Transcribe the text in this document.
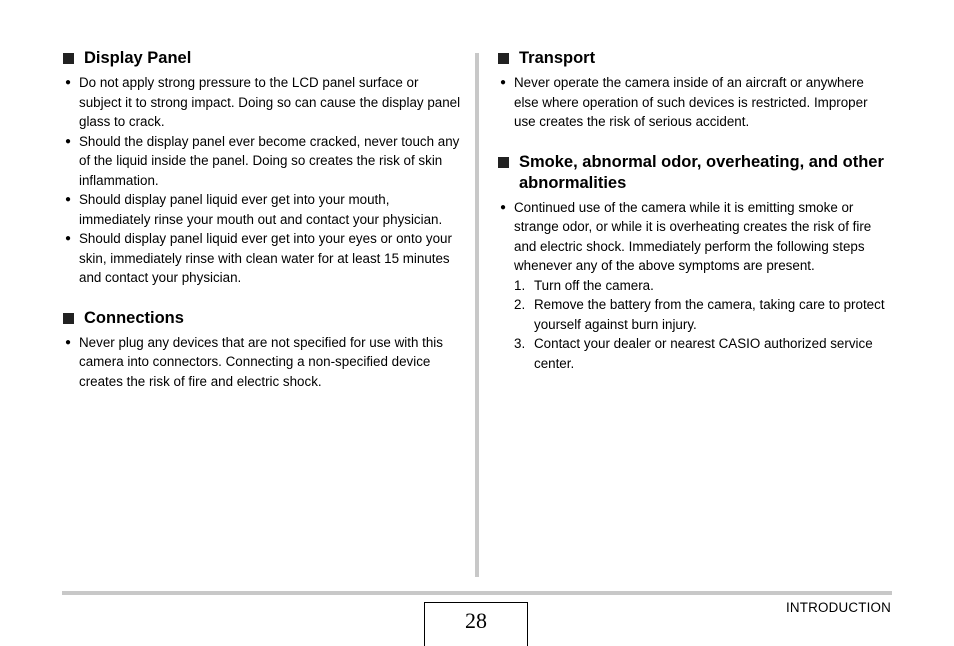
Display Panel
● Do not apply strong pressure to the LCD panel surface or subject it to strong impact. Doing so can cause the display panel glass to crack.
● Should the display panel ever become cracked, never touch any of the liquid inside the panel. Doing so creates the risk of skin inflammation.
● Should display panel liquid ever get into your mouth, immediately rinse your mouth out and contact your physician.
● Should display panel liquid ever get into your eyes or onto your skin, immediately rinse with clean water for at least 15 minutes and contact your physician.
Connections
● Never plug any devices that are not specified for use with this camera into connectors. Connecting a non-specified device creates the risk of fire and electric shock.
Transport
● Never operate the camera inside of an aircraft or anywhere else where operation of such devices is restricted. Improper use creates the risk of serious accident.
Smoke, abnormal odor, overheating, and other abnormalities
● Continued use of the camera while it is emitting smoke or strange odor, or while it is overheating creates the risk of fire and electric shock. Immediately perform the following steps whenever any of the above symptoms are present.
1. Turn off the camera.
2. Remove the battery from the camera, taking care to protect yourself against burn injury.
3. Contact your dealer or nearest CASIO authorized service center.
INTRODUCTION
28
